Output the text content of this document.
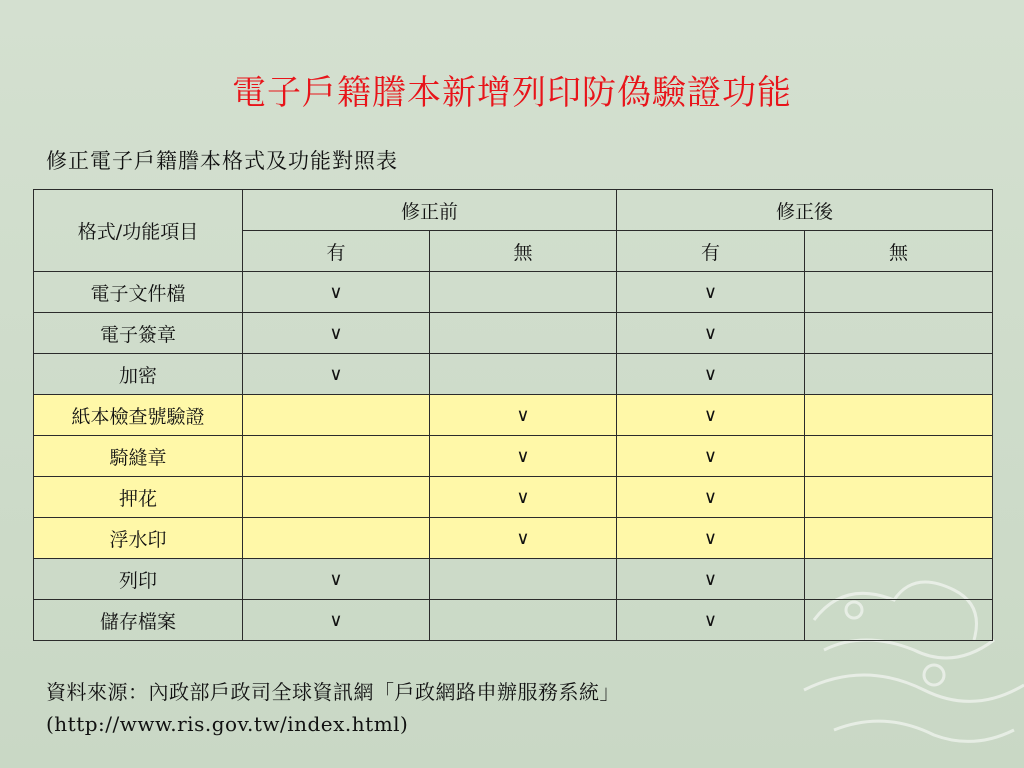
電子戶籍謄本新增列印防偽驗證功能
修正電子戶籍謄本格式及功能對照表
格式/功能項目	修正前		修正後	
	有	無	有	無
電子文件檔	∨		∨	
電子簽章	∨		∨	
加密	∨		∨	
紙本檢查號驗證		∨	∨	
騎縫章		∨	∨	
押花		∨	∨	
浮水印		∨	∨	
列印	∨		∨	
儲存檔案	∨		∨	
資料來源：內政部戶政司全球資訊網「戶政網路申辦服務系統」
(http://www.ris.gov.tw/index.html)
